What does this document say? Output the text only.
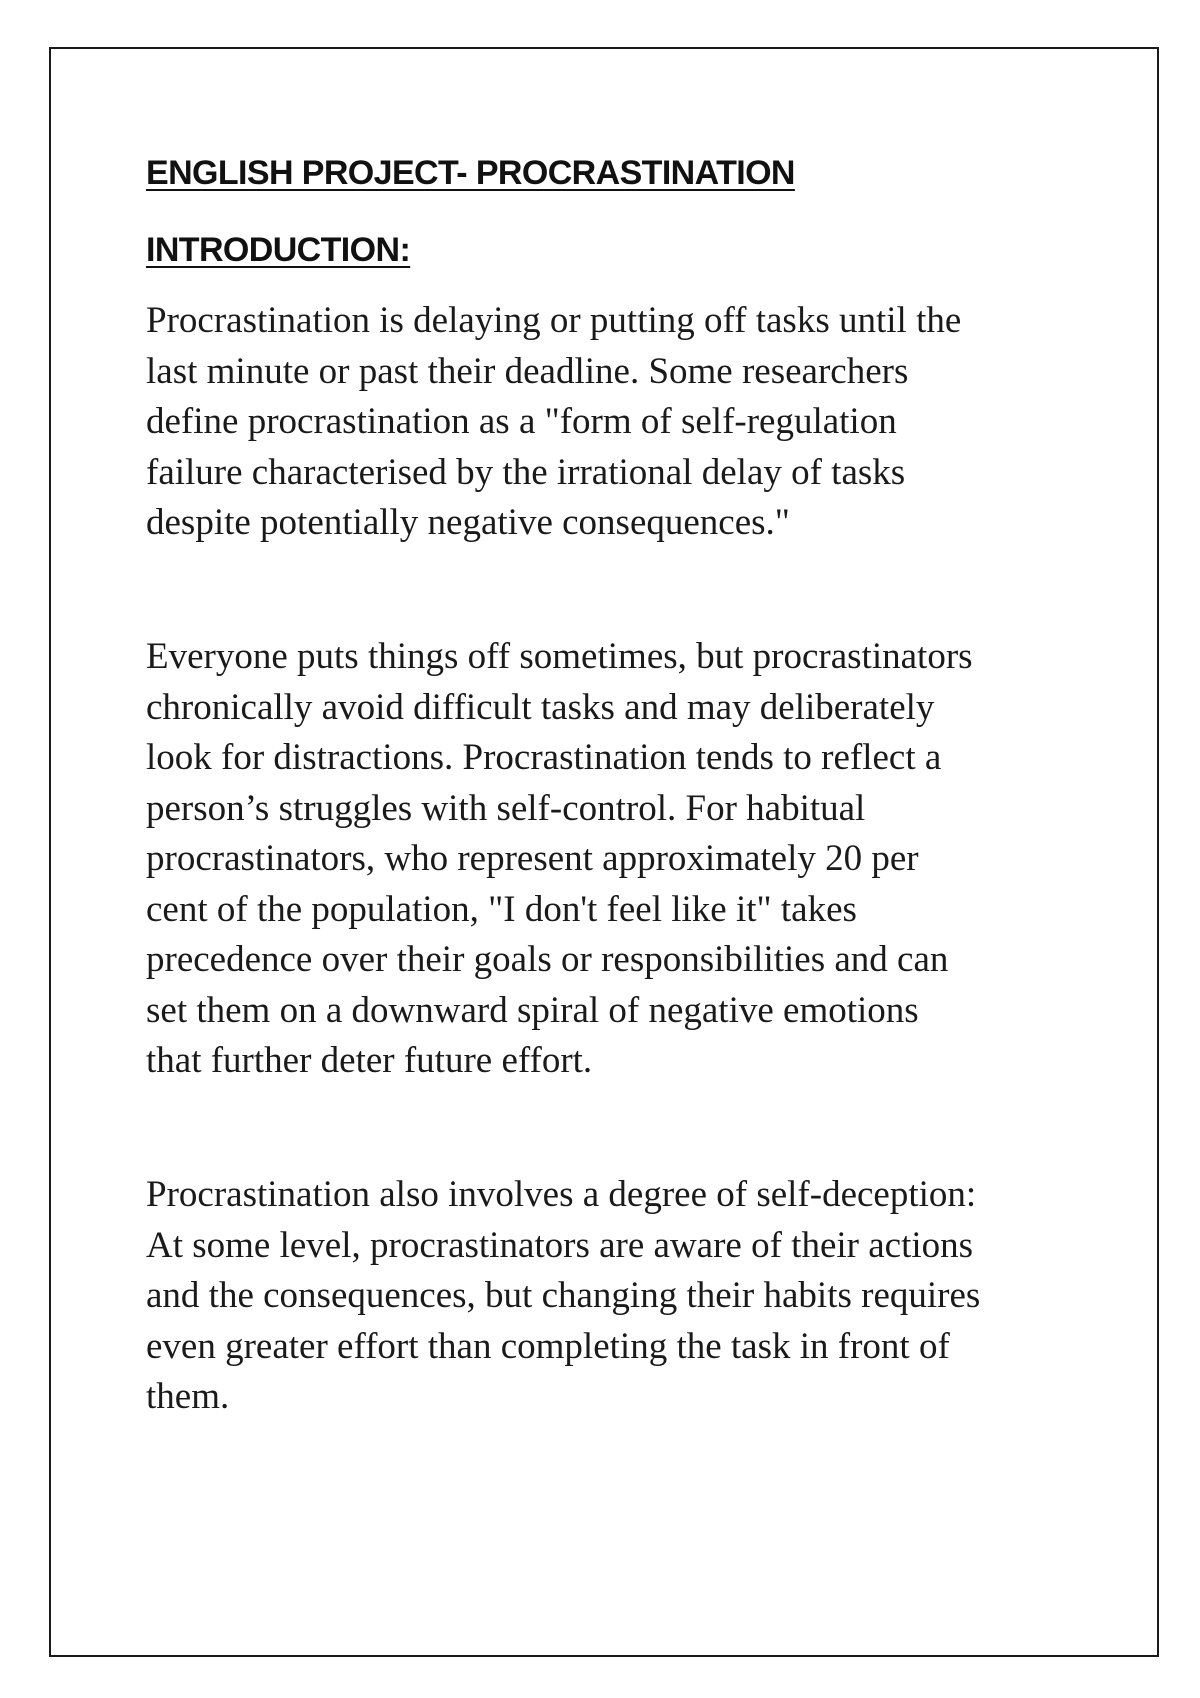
ENGLISH PROJECT- PROCRASTINATION
INTRODUCTION:

Procrastination is delaying or putting off tasks until the
last minute or past their deadline. Some researchers
define procrastination as a "form of self-regulation
failure characterised by the irrational delay of tasks
despite potentially negative consequences."

Everyone puts things off sometimes, but procrastinators
chronically avoid difficult tasks and may deliberately
look for distractions. Procrastination tends to reflect a
person’s struggles with self-control. For habitual
procrastinators, who represent approximately 20 per
cent of the population, "I don't feel like it" takes
precedence over their goals or responsibilities and can
set them on a downward spiral of negative emotions
that further deter future effort.

Procrastination also involves a degree of self-deception:
At some level, procrastinators are aware of their actions
and the consequences, but changing their habits requires
even greater effort than completing the task in front of
them.
